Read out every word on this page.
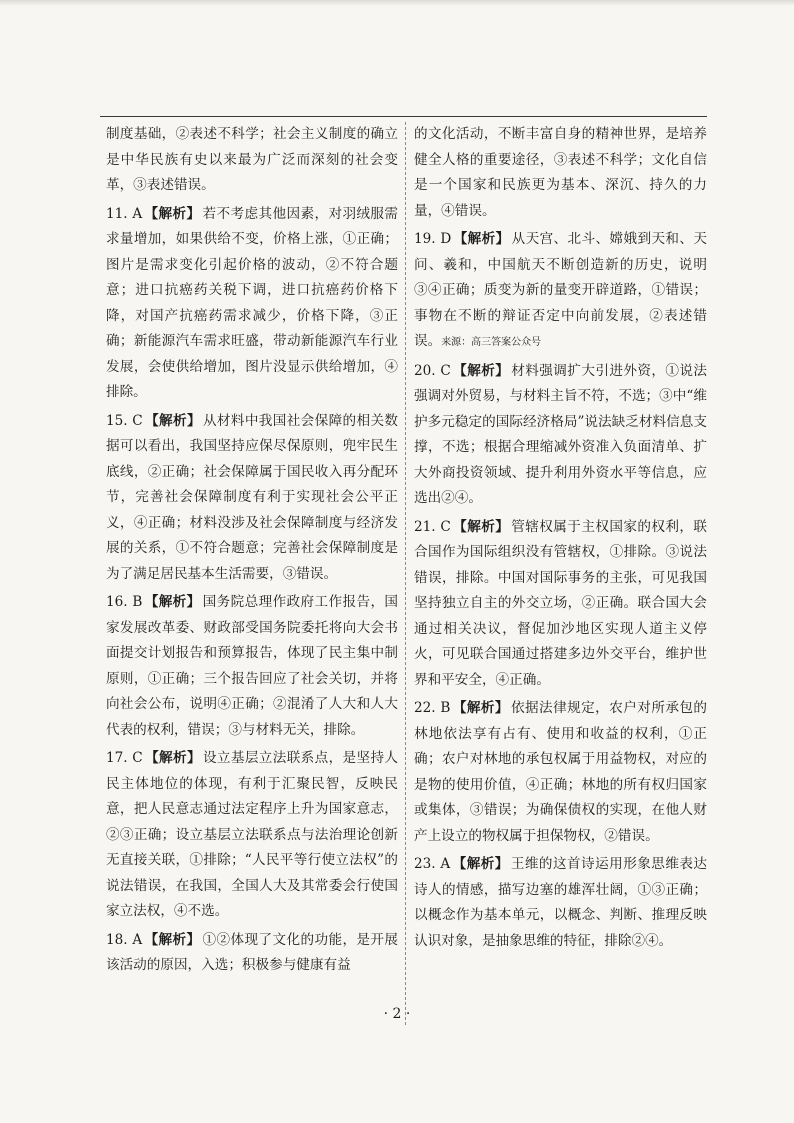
制度基础，②表述不科学；社会主义制度的确立是中华民族有史以来最为广泛而深刻的社会变革，③表述错误。
11. A 【解析】 若不考虑其他因素，对羽绒服需求量增加，如果供给不变，价格上涨，①正确；图片是需求变化引起价格的波动，②不符合题意；进口抗癌药关税下调，进口抗癌药价格下降，对国产抗癌药需求减少，价格下降，③正确；新能源汽车需求旺盛，带动新能源汽车行业发展，会使供给增加，图片没显示供给增加，④排除。
15. C 【解析】 从材料中我国社会保障的相关数据可以看出，我国坚持应保尽保原则，兜牢民生底线，②正确；社会保障属于国民收入再分配环节，完善社会保障制度有利于实现社会公平正义，④正确；材料没涉及社会保障制度与经济发展的关系，①不符合题意；完善社会保障制度是为了满足居民基本生活需要，③错误。
16. B 【解析】 国务院总理作政府工作报告，国家发展改革委、财政部受国务院委托将向大会书面提交计划报告和预算报告，体现了民主集中制原则，①正确；三个报告回应了社会关切，并将向社会公布，说明④正确；②混淆了人大和人大代表的权利，错误；③与材料无关，排除。
17. C 【解析】 设立基层立法联系点，是坚持人民主体地位的体现，有利于汇聚民智，反映民意，把人民意志通过法定程序上升为国家意志，②③正确；设立基层立法联系点与法治理论创新无直接关联，①排除；“人民平等行使立法权”的说法错误，在我国，全国人大及其常委会行使国家立法权，④不选。
18. A 【解析】 ①②体现了文化的功能，是开展该活动的原因，入选；积极参与健康有益
的文化活动，不断丰富自身的精神世界，是培养健全人格的重要途径，③表述不科学；文化自信是一个国家和民族更为基本、深沉、持久的力量，④错误。
19. D 【解析】 从天宫、北斗、嫦娥到天和、天问、羲和，中国航天不断创造新的历史，说明③④正确；质变为新的量变开辟道路，①错误；事物在不断的辩证否定中向前发展，②表述错误。来源：高三答案公众号
20. C 【解析】 材料强调扩大引进外资，①说法强调对外贸易，与材料主旨不符，不选；③中“维护多元稳定的国际经济格局”说法缺乏材料信息支撑，不选；根据合理缩减外资准入负面清单、扩大外商投资领域、提升利用外资水平等信息，应选出②④。
21. C 【解析】 管辖权属于主权国家的权利，联合国作为国际组织没有管辖权，①排除。③说法错误，排除。中国对国际事务的主张，可见我国坚持独立自主的外交立场，②正确。联合国大会通过相关决议，督促加沙地区实现人道主义停火，可见联合国通过搭建多边外交平台，维护世界和平安全，④正确。
22. B 【解析】 依据法律规定，农户对所承包的林地依法享有占有、使用和收益的权利，①正确；农户对林地的承包权属于用益物权，对应的是物的使用价值，④正确；林地的所有权归国家或集体，③错误；为确保债权的实现，在他人财产上设立的物权属于担保物权，②错误。
23. A 【解析】 王维的这首诗运用形象思维表达诗人的情感，描写边塞的雄浑壮阔，①③正确；以概念作为基本单元，以概念、判断、推理反映认识对象，是抽象思维的特征，排除②④。
· 2 ·
